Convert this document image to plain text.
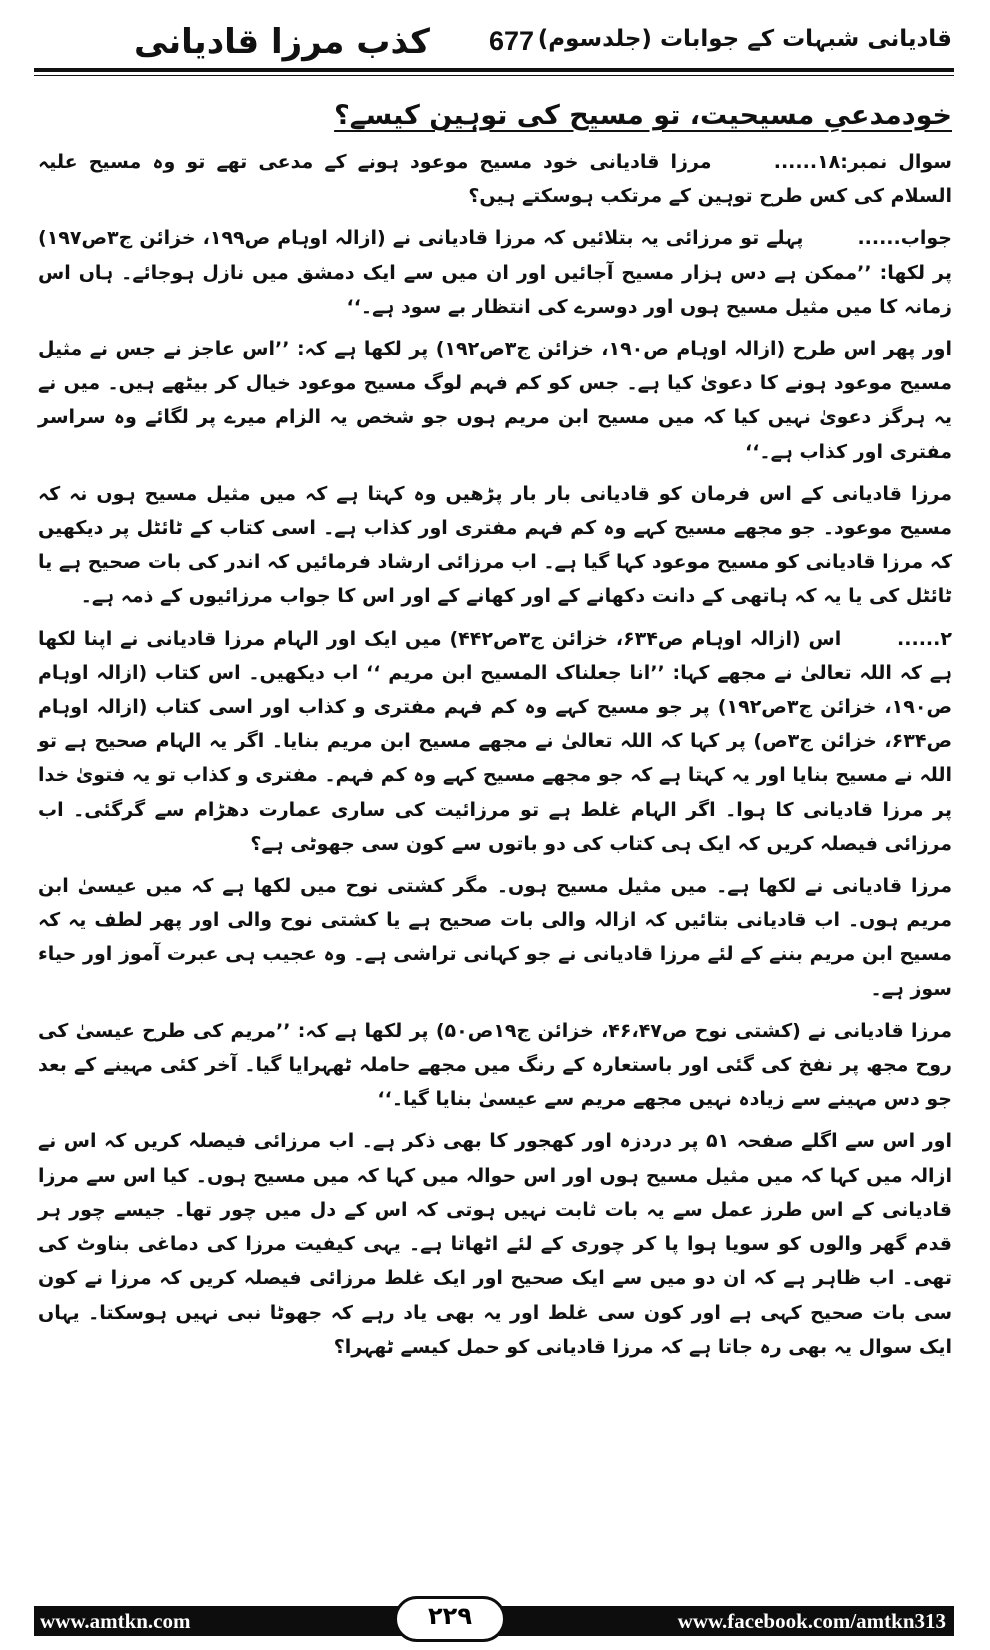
قادیانی شبہات کے جوابات (جلدسوم)
677
کذب مرزا قادیانی
خودمدعیِ مسیحیت، تو مسیح کی توہین کیسے؟

سوال نمبر:۱۸......  مرزا قادیانی خود مسیح موعود ہونے کے مدعی تھے تو وہ مسیح علیہ السلام کی کس طرح توہین کے مرتکب ہوسکتے ہیں؟

جواب......  پہلے تو مرزائی یہ بتلائیں کہ مرزا قادیانی نے (ازالہ اوہام ص۱۹۹، خزائن ج۳ص۱۹۷) پر لکھا: ’’ممکن ہے دس ہزار مسیح آجائیں اور ان میں سے ایک دمشق میں نازل ہوجائے۔ ہاں اس زمانہ کا میں مثیل مسیح ہوں اور دوسرے کی انتظار بے سود ہے۔‘‘

اور پھر اس طرح (ازالہ اوہام ص۱۹۰، خزائن ج۳ص۱۹۲) پر لکھا ہے کہ: ’’اس عاجز نے جس نے مثیل مسیح موعود ہونے کا دعویٰ کیا ہے۔ جس کو کم فہم لوگ مسیح موعود خیال کر بیٹھے ہیں۔ میں نے یہ ہرگز دعویٰ نہیں کیا کہ میں مسیح ابن مریم ہوں جو شخص یہ الزام میرے پر لگائے وہ سراسر مفتری اور کذاب ہے۔‘‘

مرزا قادیانی کے اس فرمان کو قادیانی بار بار پڑھیں وہ کہتا ہے کہ میں مثیل مسیح ہوں نہ کہ مسیح موعود۔ جو مجھے مسیح کہے وہ کم فہم مفتری اور کذاب ہے۔ اسی کتاب کے ٹائٹل پر دیکھیں کہ مرزا قادیانی کو مسیح موعود کہا گیا ہے۔ اب مرزائی ارشاد فرمائیں کہ اندر کی بات صحیح ہے یا ٹائٹل کی یا یہ کہ ہاتھی کے دانت دکھانے کے اور کھانے کے اور اس کا جواب مرزائیوں کے ذمہ ہے۔

۲......  اس (ازالہ اوہام ص۶۳۴، خزائن ج۳ص۴۴۲) میں ایک اور الہام مرزا قادیانی نے اپنا لکھا ہے کہ اللہ تعالیٰ نے مجھے کہا: ’’انا جعلناک المسیح ابن مریم ‘‘ اب دیکھیں۔ اس کتاب (ازالہ اوہام ص۱۹۰، خزائن ج۳ص۱۹۲) پر جو مسیح کہے وہ کم فہم مفتری و کذاب اور اسی کتاب (ازالہ اوہام ص۶۳۴، خزائن ج۳ص) پر کہا کہ اللہ تعالیٰ نے مجھے مسیح ابن مریم بنایا۔ اگر یہ الہام صحیح ہے تو اللہ نے مسیح بنایا اور یہ کہتا ہے کہ جو مجھے مسیح کہے وہ کم فہم۔ مفتری و کذاب تو یہ فتویٰ خدا پر مرزا قادیانی کا ہوا۔ اگر الہام غلط ہے تو مرزائیت کی ساری عمارت دھڑام سے گرگئی۔ اب مرزائی فیصلہ کریں کہ ایک ہی کتاب کی دو باتوں سے کون سی جھوٹی ہے؟

مرزا قادیانی نے لکھا ہے۔ میں مثیل مسیح ہوں۔ مگر کشتی نوح میں لکھا ہے کہ میں عیسیٰ ابن مریم ہوں۔ اب قادیانی بتائیں کہ ازالہ والی بات صحیح ہے یا کشتی نوح والی اور پھر لطف یہ کہ مسیح ابن مریم بننے کے لئے مرزا قادیانی نے جو کہانی تراشی ہے۔ وہ عجیب ہی عبرت آموز اور حیاء سوز ہے۔

مرزا قادیانی نے (کشتی نوح ص۴۶،۴۷، خزائن ج۱۹ص۵۰) پر لکھا ہے کہ: ’’مریم کی طرح عیسیٰ کی روح مجھ پر نفخ کی گئی اور باستعارہ کے رنگ میں مجھے حاملہ ٹھہرایا گیا۔ آخر کئی مہینے کے بعد جو دس مہینے سے زیادہ نہیں مجھے مریم سے عیسیٰ بنایا گیا۔‘‘

اور اس سے اگلے صفحہ ۵۱ پر دردزہ اور کھجور کا بھی ذکر ہے۔ اب مرزائی فیصلہ کریں کہ اس نے ازالہ میں کہا کہ میں مثیل مسیح ہوں اور اس حوالہ میں کہا کہ میں مسیح ہوں۔ کیا اس سے مرزا قادیانی کے اس طرز عمل سے یہ بات ثابت نہیں ہوتی کہ اس کے دل میں چور تھا۔ جیسے چور ہر قدم گھر والوں کو سویا ہوا پا کر چوری کے لئے اٹھاتا ہے۔ یہی کیفیت مرزا کی دماغی بناوٹ کی تھی۔ اب ظاہر ہے کہ ان دو میں سے ایک صحیح اور ایک غلط مرزائی فیصلہ کریں کہ مرزا نے کون سی بات صحیح کہی ہے اور کون سی غلط اور یہ بھی یاد رہے کہ جھوٹا نبی نہیں ہوسکتا۔ یہاں ایک سوال یہ بھی رہ جاتا ہے کہ مرزا قادیانی کو حمل کیسے ٹھہرا؟

www.amtkn.com	۲۲۹	www.facebook.com/amtkn313
